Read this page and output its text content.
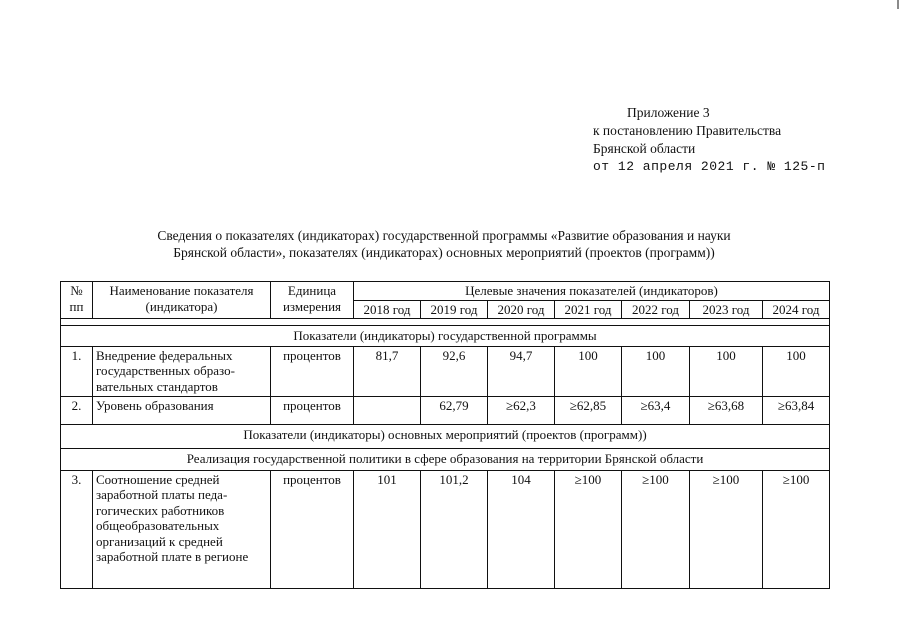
Приложение 3
к постановлению Правительства
Брянской области
от 12 апреля 2021 г. № 125-п
Сведения о показателях (индикаторах) государственной программы «Развитие образования и науки
Брянской области», показателях (индикаторах) основных мероприятий (проектов (программ))
№ пп	Наименование показателя (индикатора)	Единица измерения	Целевые значения показателей (индикаторов)						
			2018 год	2019 год	2020 год	2021 год	2022 год	2023 год	2024 год

Показатели (индикаторы) государственной программы									
1.	Внедрение федеральных государственных образо-вательных стандартов	процентов	81,7	92,6	94,7	100	100	100	100
2.	Уровень образования	процентов		62,79	≥62,3	≥62,85	≥63,4	≥63,68	≥63,84
Показатели (индикаторы) основных мероприятий (проектов (программ))									
Реализация государственной политики в сфере образования на территории Брянской области									
3.	Соотношение средней заработной платы педа-гогических работников общеобразовательных организаций к средней заработной плате в регионе	процентов	101	101,2	104	≥100	≥100	≥100	≥100
